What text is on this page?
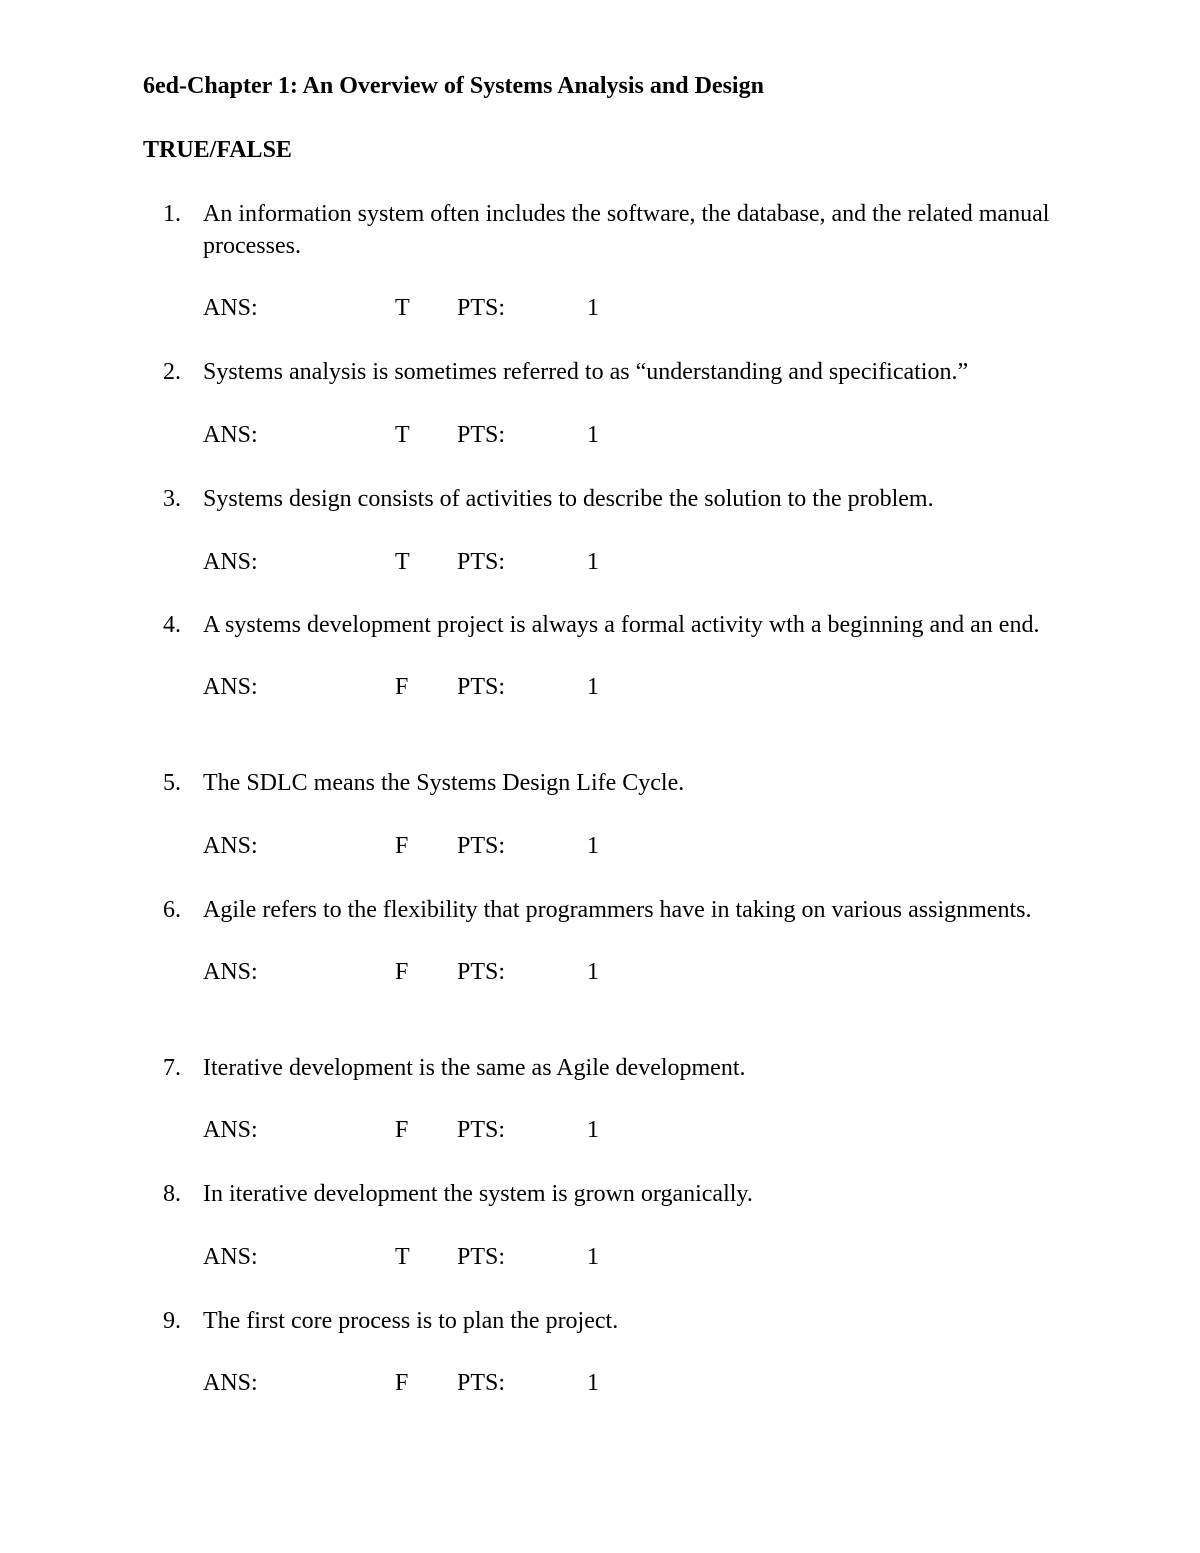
6ed-Chapter 1: An Overview of Systems Analysis and Design
TRUE/FALSE
1. An information system often includes the software, the database, and the related manual processes.
ANS:	T PTS:	1
2. Systems analysis is sometimes referred to as “understanding and specification.”
ANS:	T PTS:	1
3. Systems design consists of activities to describe the solution to the problem.
ANS:	T PTS:	1
4. A systems development project is always a formal activity wth a beginning and an end.
ANS:	F PTS:	1
5. The SDLC means the Systems Design Life Cycle.
ANS:	F PTS:	1
6. Agile refers to the flexibility that programmers have in taking on various assignments.
ANS:	F PTS:	1
7. Iterative development is the same as Agile development.
ANS:	F PTS:	1
8. In iterative development the system is grown organically.
ANS:	T PTS:	1
9. The first core process is to plan the project.
ANS:	F PTS:	1
